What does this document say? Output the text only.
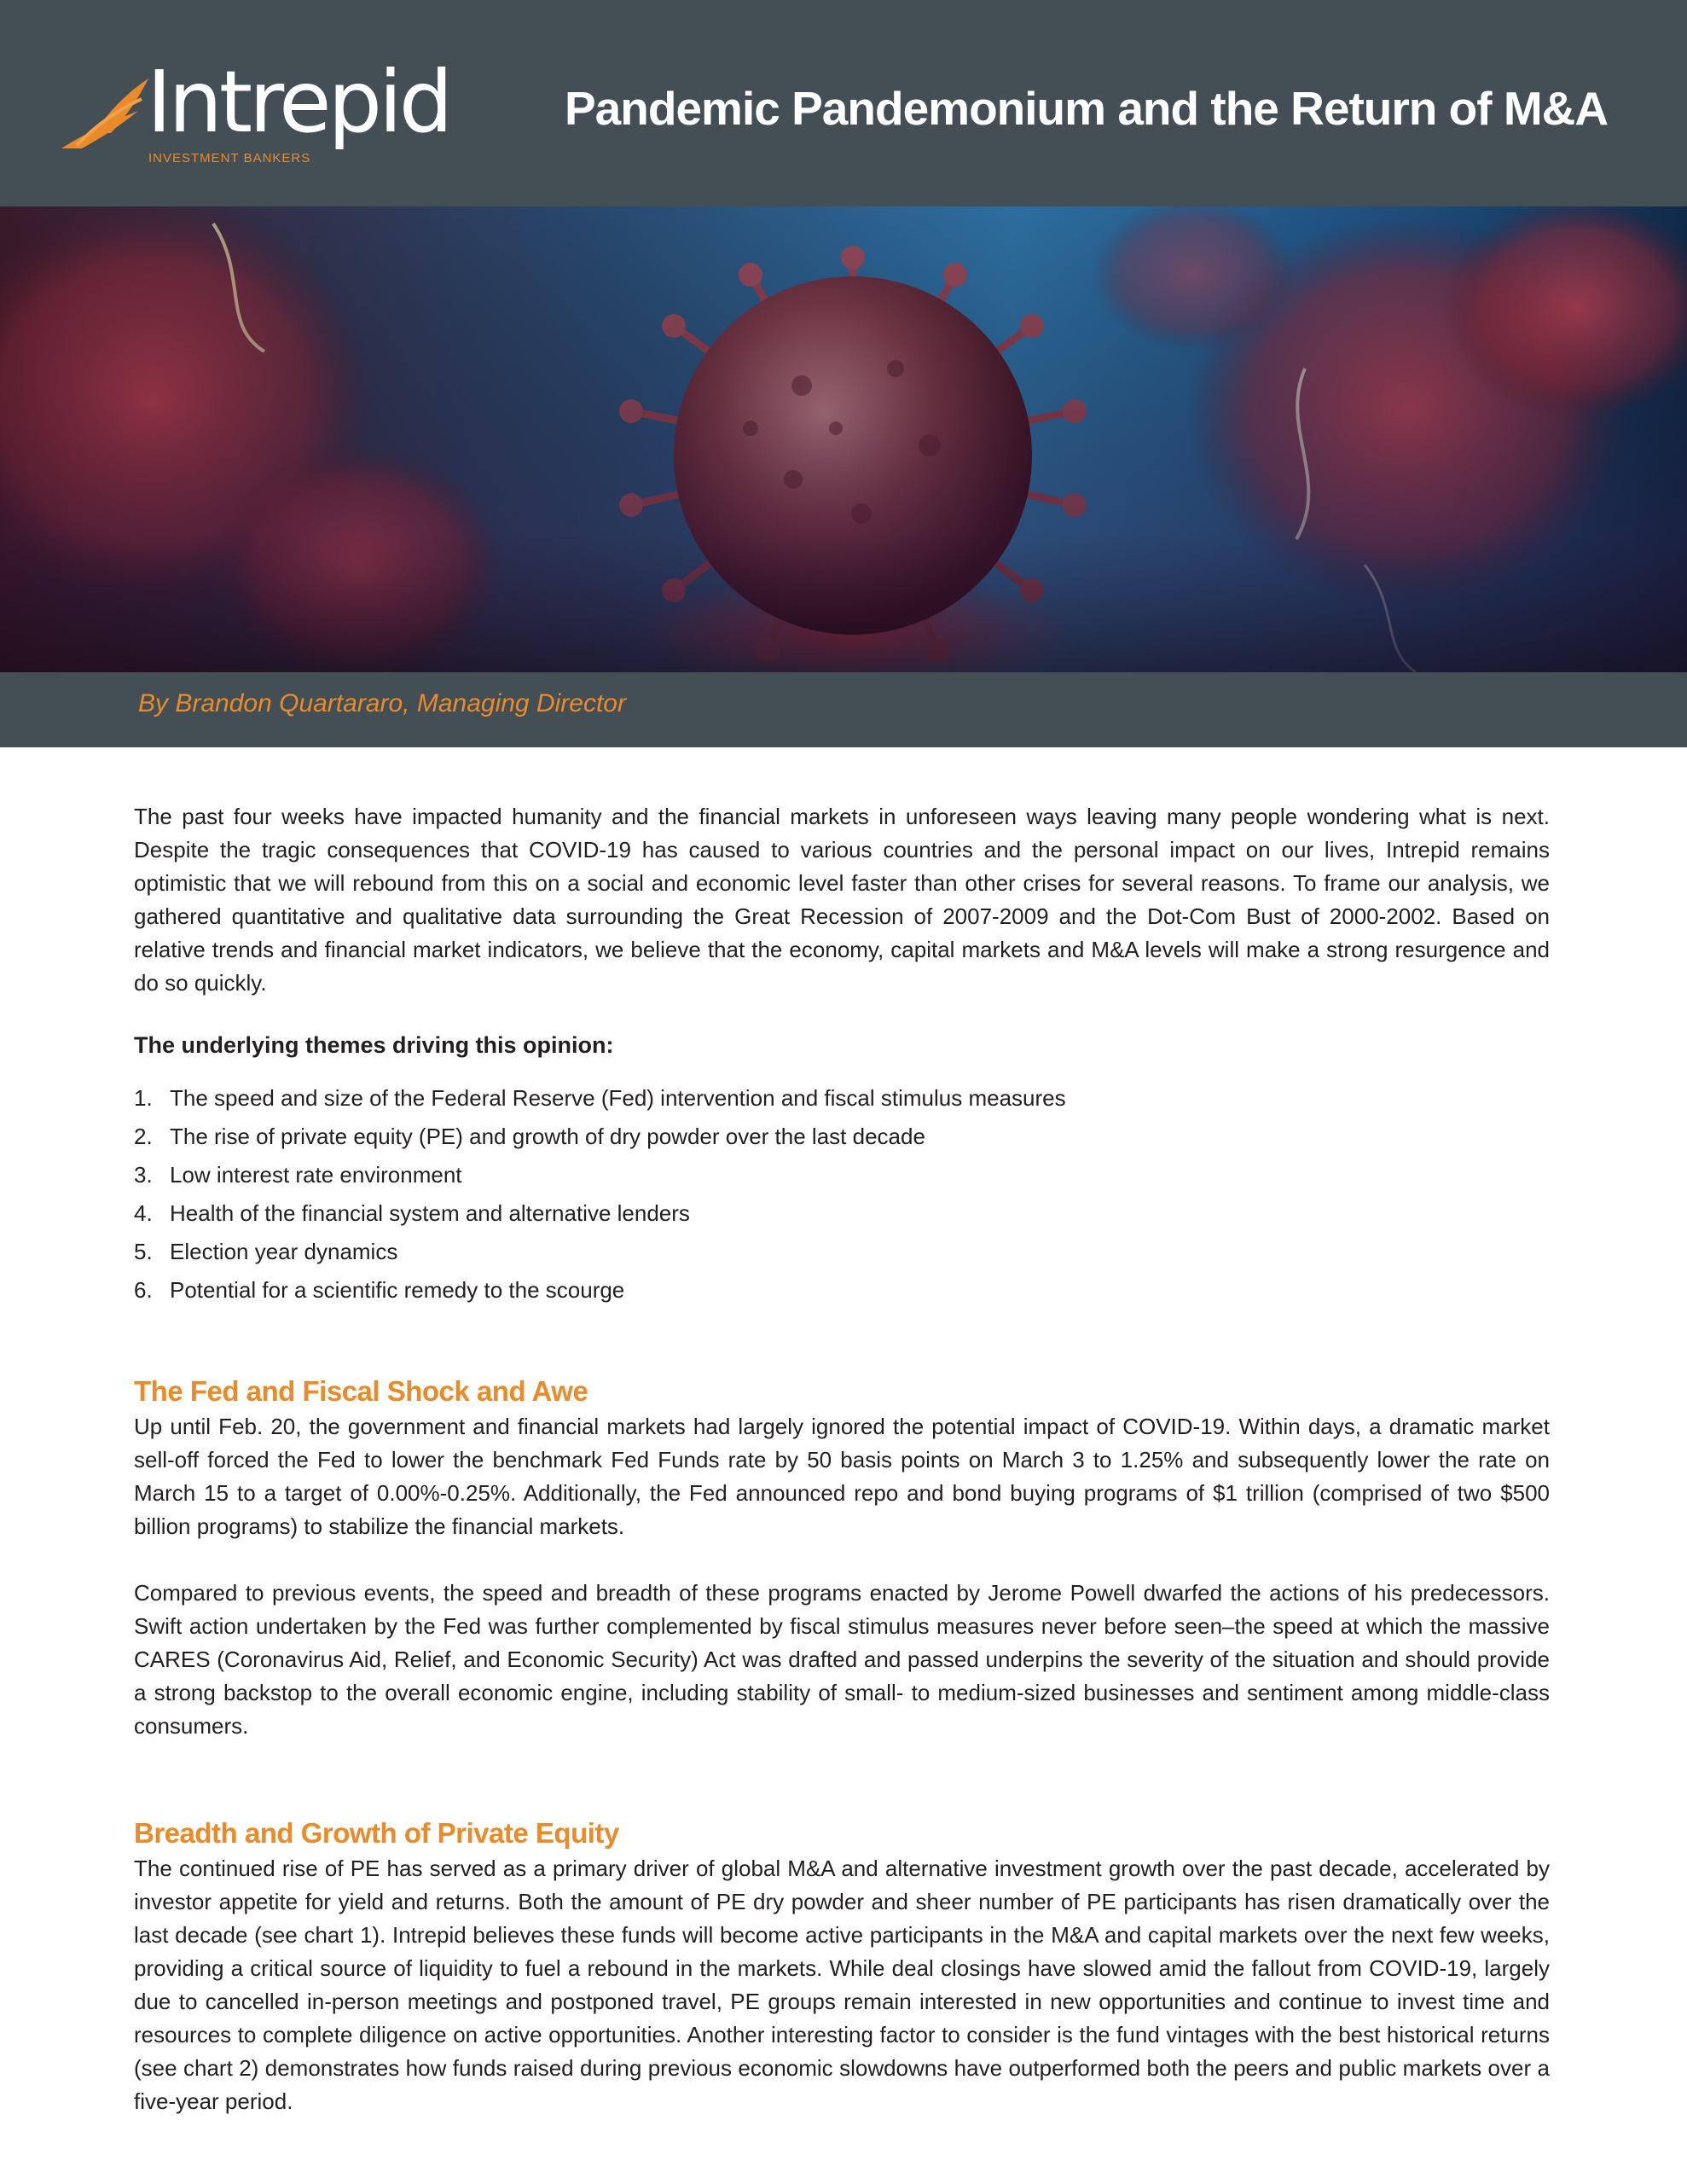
Intrepid
INVESTMENT BANKERS
Pandemic Pandemonium and the Return of M&A
By Brandon Quartararo, Managing Director

The past four weeks have impacted humanity and the financial markets in unforeseen ways leaving many people wondering what is next. Despite the tragic consequences that COVID-19 has caused to various countries and the personal impact on our lives, Intrepid remains optimistic that we will rebound from this on a social and economic level faster than other crises for several reasons. To frame our analysis, we gathered quantitative and qualitative data surrounding the Great Recession of 2007-2009 and the Dot-Com Bust of 2000-2002. Based on relative trends and financial market indicators, we believe that the economy, capital markets and M&A levels will make a strong resurgence and do so quickly.

The underlying themes driving this opinion:
1. The speed and size of the Federal Reserve (Fed) intervention and fiscal stimulus measures
2. The rise of private equity (PE) and growth of dry powder over the last decade
3. Low interest rate environment
4. Health of the financial system and alternative lenders
5. Election year dynamics
6. Potential for a scientific remedy to the scourge
The Fed and Fiscal Shock and Awe

Up until Feb. 20, the government and financial markets had largely ignored the potential impact of COVID-19. Within days, a dramatic market sell-off forced the Fed to lower the benchmark Fed Funds rate by 50 basis points on March 3 to 1.25% and subsequently lower the rate on March 15 to a target of 0.00%-0.25%. Additionally, the Fed announced repo and bond buying programs of $1 trillion (comprised of two $500 billion programs) to stabilize the financial markets.

Compared to previous events, the speed and breadth of these programs enacted by Jerome Powell dwarfed the actions of his predecessors. Swift action undertaken by the Fed was further complemented by fiscal stimulus measures never before seen–the speed at which the massive CARES (Coronavirus Aid, Relief, and Economic Security) Act was drafted and passed underpins the severity of the situation and should provide a strong backstop to the overall economic engine, including stability of small- to medium-sized businesses and sentiment among middle-class consumers.

Breadth and Growth of Private Equity

The continued rise of PE has served as a primary driver of global M&A and alternative investment growth over the past decade, accelerated by investor appetite for yield and returns. Both the amount of PE dry powder and sheer number of PE participants has risen dramatically over the last decade (see chart 1). Intrepid believes these funds will become active participants in the M&A and capital markets over the next few weeks, providing a critical source of liquidity to fuel a rebound in the markets. While deal closings have slowed amid the fallout from COVID-19, largely due to cancelled in-person meetings and postponed travel, PE groups remain interested in new opportunities and continue to invest time and resources to complete diligence on active opportunities. Another interesting factor to consider is the fund vintages with the best historical returns (see chart 2) demonstrates how funds raised during previous economic slowdowns have outperformed both the peers and public markets over a five-year period.
